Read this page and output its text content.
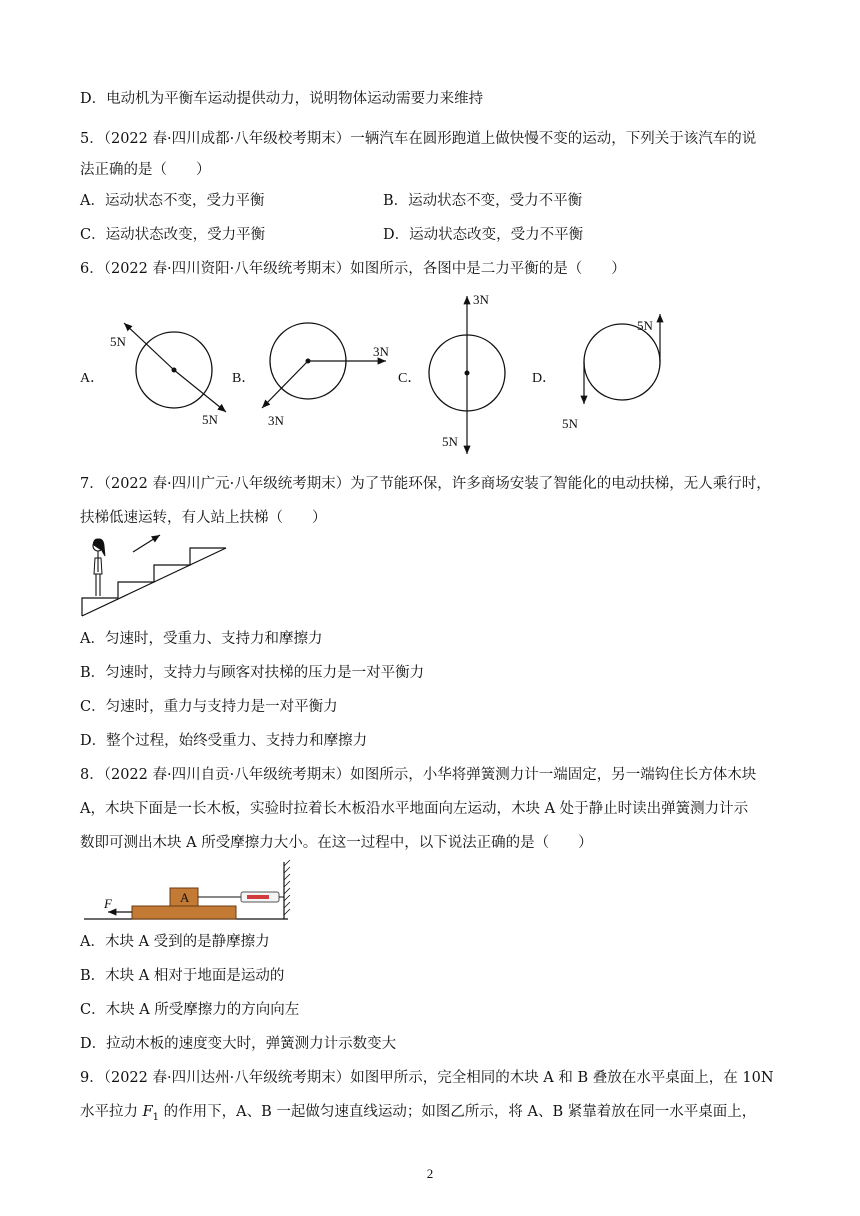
D．电动机为平衡车运动提供动力，说明物体运动需要力来维持
5．（2022 春·四川成都·八年级校考期末）一辆汽车在圆形跑道上做快慢不变的运动，下列关于该汽车的说
法正确的是（　　）
A．运动状态不变，受力平衡	B．运动状态不变，受力不平衡
C．运动状态改变，受力平衡	D．运动状态改变，受力不平衡
6．（2022 春·四川资阳·八年级统考期末）如图所示，各图中是二力平衡的是（　　）
A．	B．	C．	D．
5N
5N
3N
3N
3N
5N
5N
5N
7．（2022 春·四川广元·八年级统考期末）为了节能环保，许多商场安装了智能化的电动扶梯，无人乘行时，
扶梯低速运转，有人站上扶梯（　　）
A．匀速时，受重力、支持力和摩擦力
B．匀速时，支持力与顾客对扶梯的压力是一对平衡力
C．匀速时，重力与支持力是一对平衡力
D．整个过程，始终受重力、支持力和摩擦力
8．（2022 春·四川自贡·八年级统考期末）如图所示，小华将弹簧测力计一端固定，另一端钩住长方体木块
A，木块下面是一长木板，实验时拉着长木板沿水平地面向左运动，木块 A 处于静止时读出弹簧测力计示
数即可测出木块 A 所受摩擦力大小。在这一过程中，以下说法正确的是（　　）
A
F
A．木块 A 受到的是静摩擦力
B．木块 A 相对于地面是运动的
C．木块 A 所受摩擦力的方向向左
D．拉动木板的速度变大时，弹簧测力计示数变大
9．（2022 春·四川达州·八年级统考期末）如图甲所示，完全相同的木块 A 和 B 叠放在水平桌面上，在 10N
水平拉力 $F_1$ 的作用下，A、B 一起做匀速直线运动；如图乙所示，将 A、B 紧靠着放在同一水平桌面上，
2
